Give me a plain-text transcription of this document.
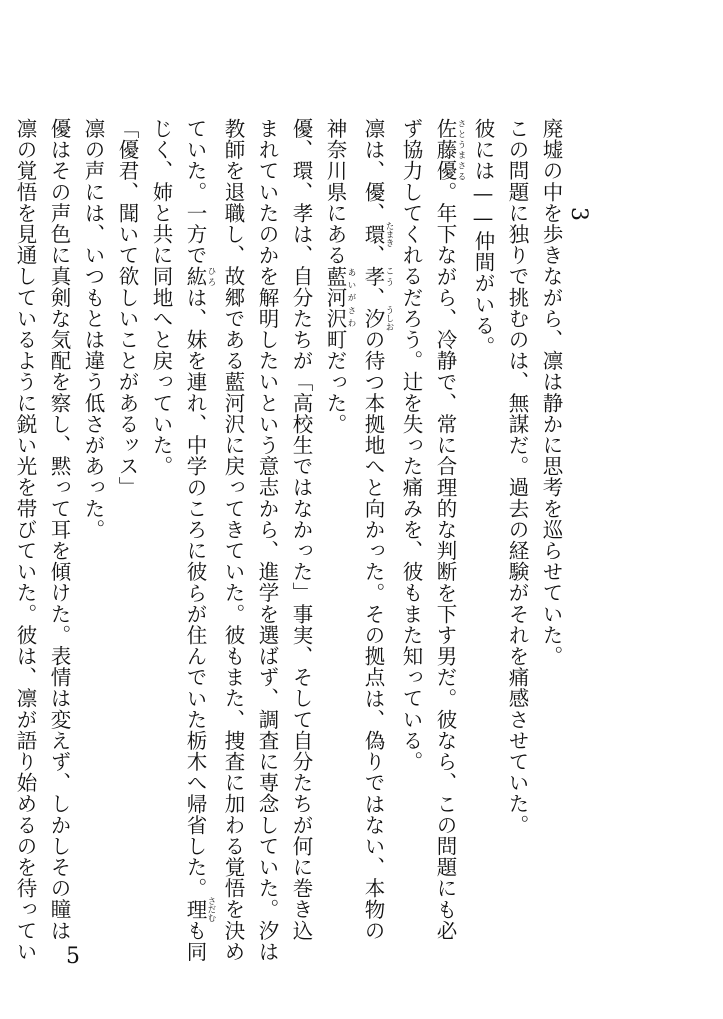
3
廃墟の中を歩きながら、凛は静かに思考を巡らせていた。
この問題に独りで挑むのは、無謀だ。過去の経験がそれを痛感させていた。
彼には——仲間がいる。
佐藤優 さとうまさる。年下ながら、冷静で、常に合理的な判断を下す男だ。彼なら、この問題にも必
ず協力してくれるだろう。辻を失った痛みを、彼もまた知っている。
凛は、優、環 たまき、孝 こう、汐 うしおの待つ本拠地へと向かった。その拠点は、偽りではない、本物の
神奈川県にある藍河沢 あいがさわ町だった。
優、環、孝は、自分たちが「高校生ではなかった」事実、そして自分たちが何に巻き込
まれていたのかを解明したいという意志から、進学を選ばず、調査に専念していた。汐は
教師を退職し、故郷である藍河沢に戻ってきていた。彼もまた、捜査に加わる覚悟を決め
ていた。一方で紘 ひろは、妹を連れ、中学のころに彼らが住んでいた栃木へ帰省した。理 さだむも同
じく、姉と共に同地へと戻っていた。
「優君、聞いて欲しいことがあるッス」
凛の声には、いつもとは違う低さがあった。
優はその声色に真剣な気配を察し、黙って耳を傾けた。表情は変えず、しかしその瞳は
凛の覚悟を見通しているように鋭い光を帯びていた。彼は、凛が語り始めるのを待ってい 5
